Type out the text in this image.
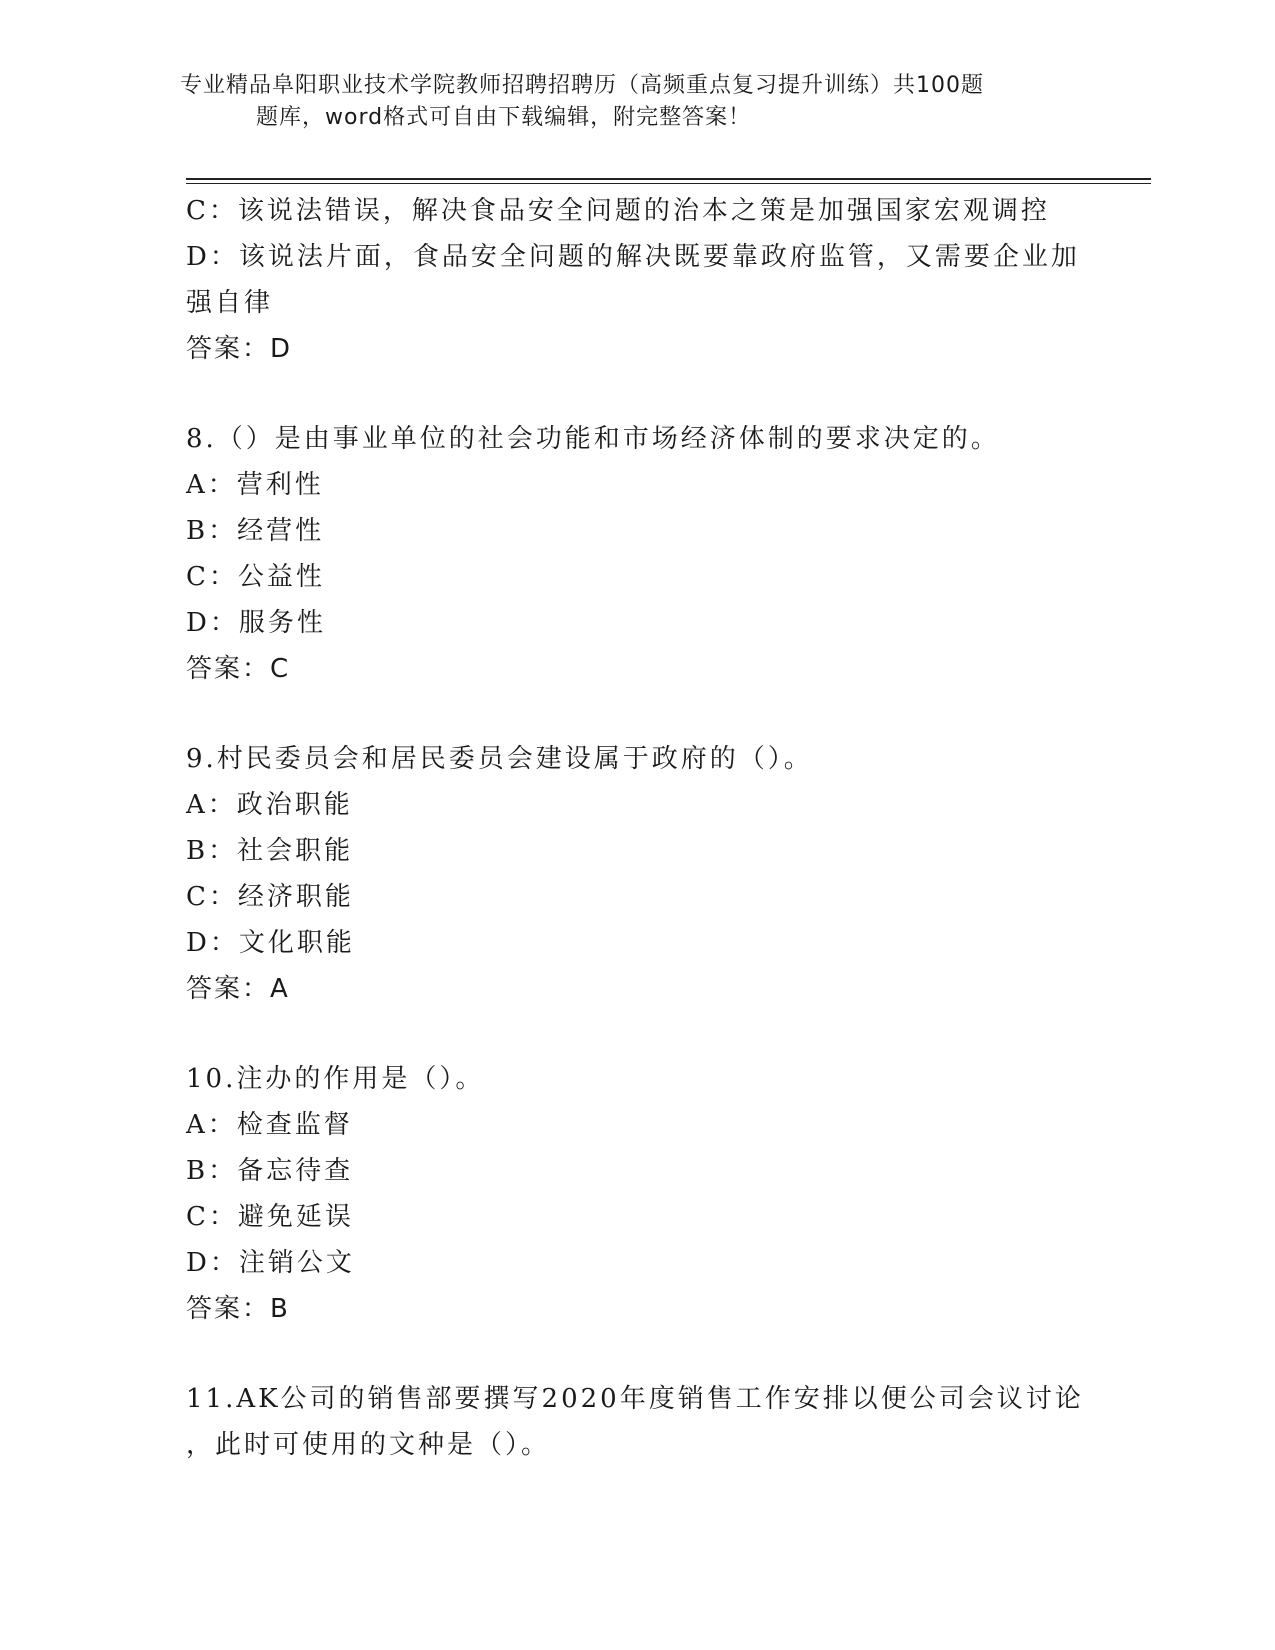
专业精品阜阳职业技术学院教师招聘招聘历（高频重点复习提升训练）共100题
题库，word格式可自由下载编辑，附完整答案！
C：该说法错误，解决食品安全问题的治本之策是加强国家宏观调控
D：该说法片面，食品安全问题的解决既要靠政府监管，又需要企业加
强自律
答案：D
8.（）是由事业单位的社会功能和市场经济体制的要求决定的。
A：营利性
B：经营性
C：公益性
D：服务性
答案：C
9.村民委员会和居民委员会建设属于政府的（）。
A：政治职能
B：社会职能
C：经济职能
D：文化职能
答案：A
10.注办的作用是（）。
A：检查监督
B：备忘待查
C：避免延误
D：注销公文
答案：B
11.AK公司的销售部要撰写2020年度销售工作安排以便公司会议讨论
，此时可使用的文种是（）。
